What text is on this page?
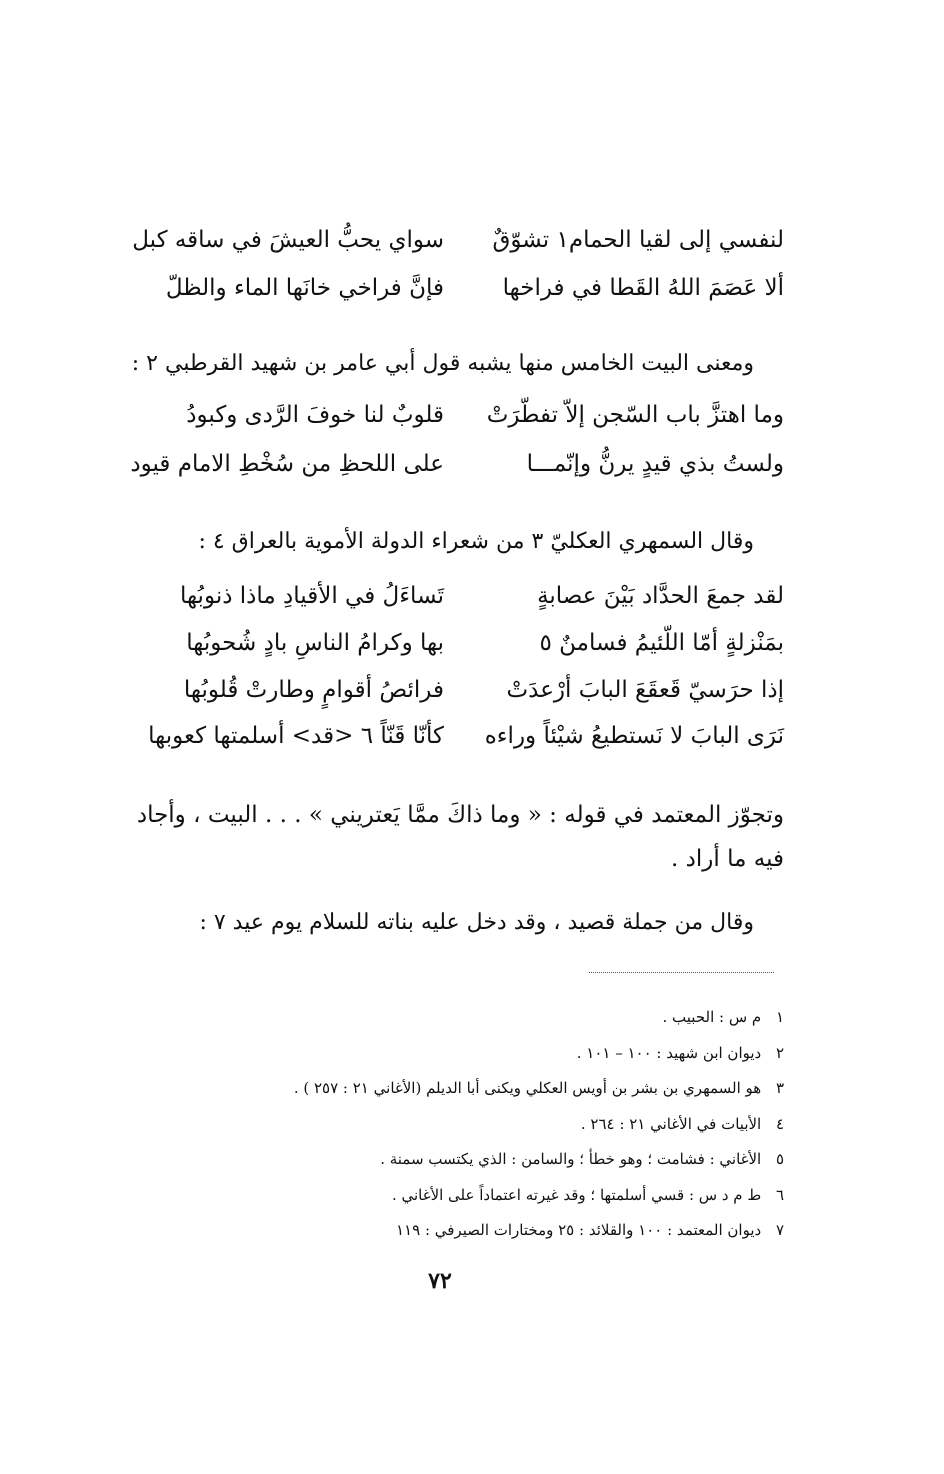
لنفسي إلى لقيا الحمام١ تشوّقٌ
سواي يحبُّ العيشَ في ساقه كبل
ألا عَصَمَ اللهُ القَطا في فراخها
فإنَّ فراخي خانَها الماء والظلّ
ومعنى البيت الخامس منها يشبه قول أبي عامر بن شهيد القرطبي ٢ :
وما اهتزَّ باب السّجن إلاّ تفطّرَتْ
قلوبٌ لنا خوفَ الرَّدى وكبودُ
ولستُ بذي قيدٍ يرنُّ وإنّمـــا
على اللحظِ من سُخْطِ الامام قيود
وقال السمهري العكليّ ٣ من شعراء الدولة الأموية بالعراق ٤ :
لقد جمعَ الحدَّاد بَيْنَ عصابةٍ
تَساءَلُ في الأقيادِ ماذا ذنوبُها
بمَنْزلةٍ أمّا اللّئيمُ فسامنٌ ٥
بها وكرامُ الناسِ بادٍ شُحوبُها
إذا حرَسيّ قَعقَعَ البابَ أرْعدَتْ
فرائصُ أقوامٍ وطارتْ قُلوبُها
نَرَى البابَ لا نَستطيعُ شيْئاً وراءه
كأنّا قَنّاً ٦ <قد> أسلمتها كعوبها
وتجوّز المعتمد في قوله : « وما ذاكَ ممَّا يَعتريني » . . . البيت ، وأجاد فيه ما أراد .
وقال من جملة قصيد ، وقد دخل عليه بناته للسلام يوم عيد ٧ :
١ م س : الحبيب .
٢ ديوان ابن شهيد : ١٠٠ – ١٠١ .
٣ هو السمهري بن بشر بن أويس العكلي ويكنى أبا الديلم (الأغاني ٢١ : ٢٥٧ ) .
٤ الأبيات في الأغاني ٢١ : ٢٦٤ .
٥ الأغاني : فشامت ؛ وهو خطأ ؛ والسامن : الذي يكتسب سمنة .
٦ ط م د س : قسي أسلمتها ؛ وقد غيرته اعتماداً على الأغاني .
٧ ديوان المعتمد : ١٠٠ والقلائد : ٢٥ ومختارات الصيرفي : ١١٩
٧٢
